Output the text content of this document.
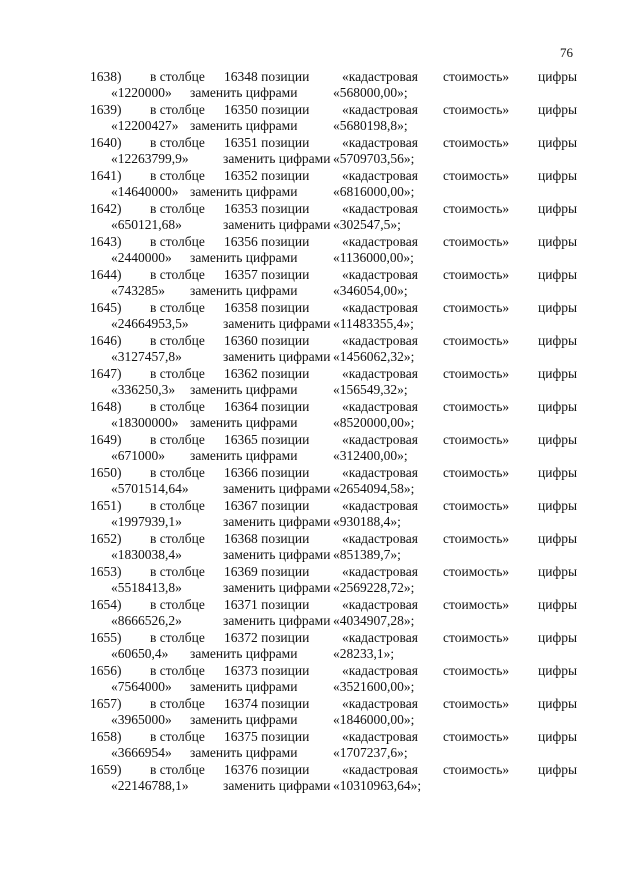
76
1638) в столбце 16348 позиции «кадастровая стоимость» цифры
«1220000» заменить цифрами	«568000,00»;
1639) в столбце 16350 позиции «кадастровая стоимость» цифры
«12200427» заменить цифрами	«5680198,8»;
1640) в столбце 16351 позиции «кадастровая стоимость» цифры
«12263799,9»	заменить цифрами «5709703,56»;
1641) в столбце 16352 позиции «кадастровая стоимость» цифры
«14640000» заменить цифрами	«6816000,00»;
1642) в столбце 16353 позиции «кадастровая стоимость» цифры
«650121,68»	заменить цифрами «302547,5»;
1643) в столбце 16356 позиции «кадастровая стоимость» цифры
«2440000» заменить цифрами	«1136000,00»;
1644) в столбце 16357 позиции «кадастровая стоимость» цифры
«743285» заменить цифрами	«346054,00»;
1645) в столбце 16358 позиции «кадастровая стоимость» цифры
«24664953,5»	заменить цифрами «11483355,4»;
1646) в столбце 16360 позиции «кадастровая стоимость» цифры
«3127457,8»	заменить цифрами «1456062,32»;
1647) в столбце 16362 позиции «кадастровая стоимость» цифры
«336250,3» заменить цифрами	«156549,32»;
1648) в столбце 16364 позиции «кадастровая стоимость» цифры
«18300000» заменить цифрами	«8520000,00»;
1649) в столбце 16365 позиции «кадастровая стоимость» цифры
«671000» заменить цифрами	«312400,00»;
1650) в столбце 16366 позиции «кадастровая стоимость» цифры
«5701514,64»	заменить цифрами «2654094,58»;
1651) в столбце 16367 позиции «кадастровая стоимость» цифры
«1997939,1»	заменить цифрами «930188,4»;
1652) в столбце 16368 позиции «кадастровая стоимость» цифры
«1830038,4»	заменить цифрами «851389,7»;
1653) в столбце 16369 позиции «кадастровая стоимость» цифры
«5518413,8»	заменить цифрами «2569228,72»;
1654) в столбце 16371 позиции «кадастровая стоимость» цифры
«8666526,2»	заменить цифрами «4034907,28»;
1655) в столбце 16372 позиции «кадастровая стоимость» цифры
«60650,4» заменить цифрами	«28233,1»;
1656) в столбце 16373 позиции «кадастровая стоимость» цифры
«7564000» заменить цифрами	«3521600,00»;
1657) в столбце 16374 позиции «кадастровая стоимость» цифры
«3965000» заменить цифрами	«1846000,00»;
1658) в столбце 16375 позиции «кадастровая стоимость» цифры
«3666954» заменить цифрами	«1707237,6»;
1659) в столбце 16376 позиции «кадастровая стоимость» цифры
«22146788,1»	заменить цифрами «10310963,64»;
